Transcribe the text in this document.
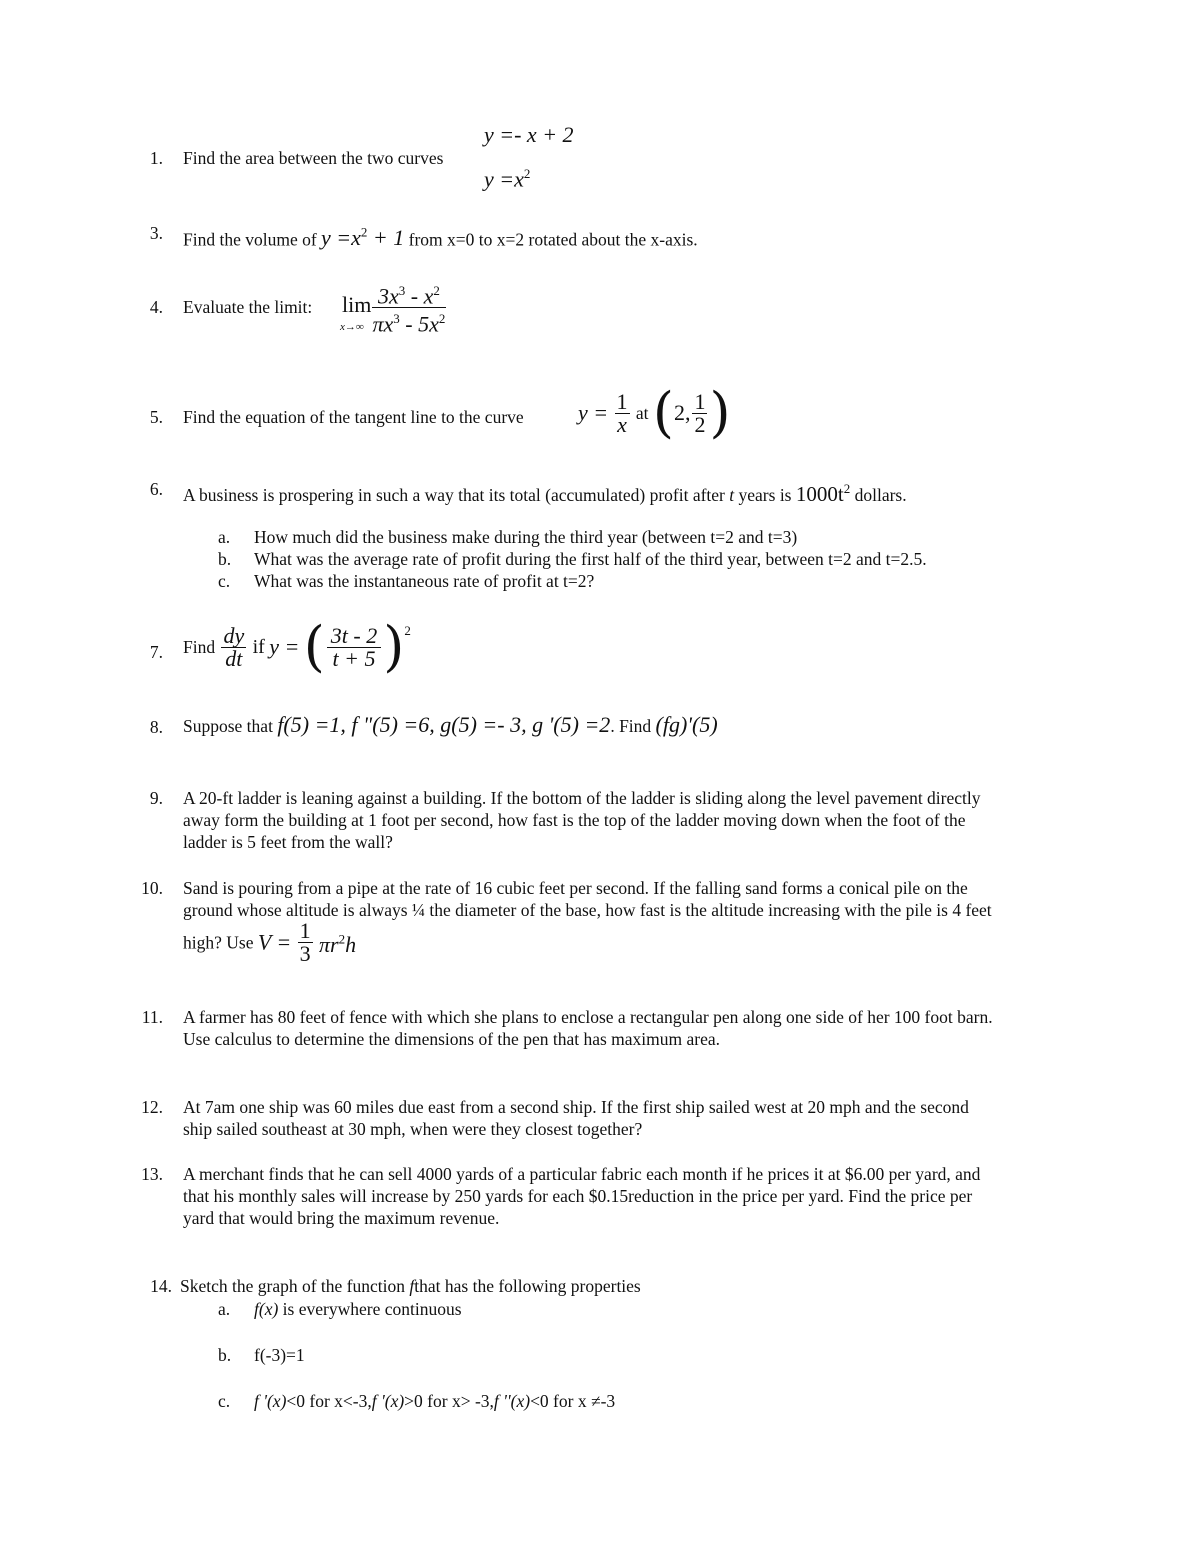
1. Find the area between the two curves
y =- x + 2
$y =x^2$
3. Find the volume of $y =x^2 + 1$ from x=0 to x=2 rotated about the x-axis.
4. Evaluate the limit: lim
$x\to\infty \frac{3x^3 - x^2}{\pi x^3 - 5x^2}$
5. Find the equation of the tangent line to the curve $y = \frac{1}{x}$ at (2, $\frac{1}{2}$ )
6. A business is prospering in such a way that its total (accumulated) profit after t years is $1000t^2$ dollars.
a. How much did the business make during the third year (between t=2 and t=3)
b. What was the average rate of profit during the first half of the third year, between t=2 and t=2.5.
c. What was the instantaneous rate of profit at t=2?
7. Find $\frac{dy}{dt}$ if y = ( $\frac{3t - 2}{t + 5} )^2$
8. Suppose that f(5) =1, f "(5) =6, g(5) =- 3, g '(5) =2. Find (fg)'(5)
9. A 20-ft ladder is leaning against a building. If the bottom of the ladder is sliding along the level pavement directly
away form the building at 1 foot per second, how fast is the top of the ladder moving down when the foot of the
ladder is 5 feet from the wall?
10. Sand is pouring from a pipe at the rate of 16 cubic feet per second. If the falling sand forms a conical pile on the
ground whose altitude is always ¼ the diameter of the base, how fast is the altitude increasing with the pile is 4 feet
high? Use $V = \frac{1}{3} \pi r^2h$
11. A farmer has 80 feet of fence with which she plans to enclose a rectangular pen along one side of her 100 foot barn.
Use calculus to determine the dimensions of the pen that has maximum area.
12. At 7am one ship was 60 miles due east from a second ship. If the first ship sailed west at 20 mph and the second
ship sailed southeast at 30 mph, when were they closest together?
13. A merchant finds that he can sell 4000 yards of a particular fabric each month if he prices it at $6.00 per yard, and
that his monthly sales will increase by 250 yards for each $0.15reduction in the price per yard. Find the price per
yard that would bring the maximum revenue.
14. Sketch the graph of the function fthat has the following properties
a. f(x) is everywhere continuous
b. f(-3)=1
c. f '(x)<0 for x<-3,f '(x)>0 for x> -3,f ''(x)<0 for x ≠-3
